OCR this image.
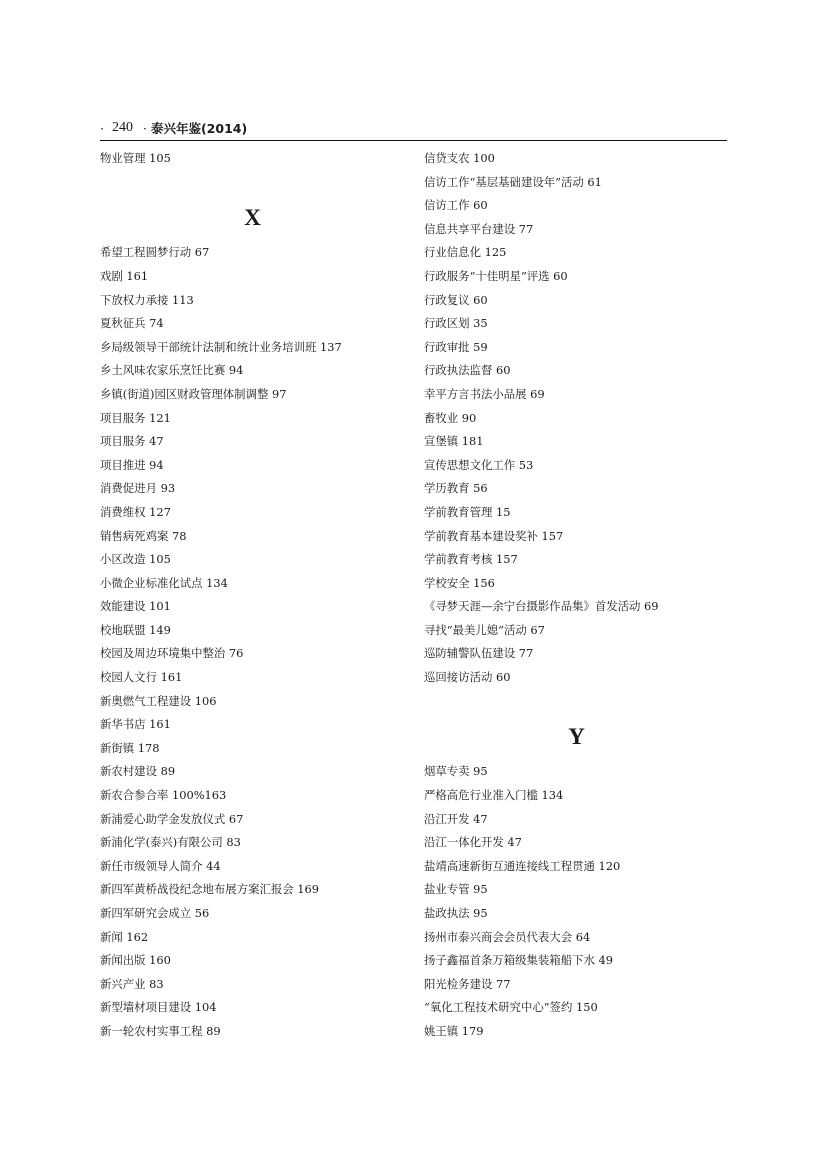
· 240 · 泰兴年鉴(2014)
物业管理 105
X
希望工程圆梦行动 67
戏剧 161
下放权力承接 113
夏秋征兵 74
乡局级领导干部统计法制和统计业务培训班 137
乡土风味农家乐烹饪比赛 94
乡镇(街道)园区财政管理体制调整 97
项目服务 121
项目服务 47
项目推进 94
消费促进月 93
消费维权 127
销售病死鸡案 78
小区改造 105
小微企业标准化试点 134
效能建设 101
校地联盟 149
校园及周边环境集中整治 76
校园人文行 161
新奥燃气工程建设 106
新华书店 161
新街镇 178
新农村建设 89
新农合参合率 100%163
新浦爱心助学金发放仪式 67
新浦化学(泰兴)有限公司 83
新任市级领导人简介 44
新四军黄桥战役纪念地布展方案汇报会 169
新四军研究会成立 56
新闻 162
新闻出版 160
新兴产业 83
新型墙材项目建设 104
新一轮农村实事工程 89
信贷支农 100
信访工作“基层基础建设年”活动 61
信访工作 60
信息共享平台建设 77
行业信息化 125
行政服务“十佳明星”评选 60
行政复议 60
行政区划 35
行政审批 59
行政执法监督 60
幸平方言书法小品展 69
畜牧业 90
宣堡镇 181
宣传思想文化工作 53
学历教育 56
学前教育管理 15
学前教育基本建设奖补 157
学前教育考核 157
学校安全 156
《寻梦天涯—余宁台摄影作品集》首发活动 69
寻找“最美儿媳”活动 67
巡防辅警队伍建设 77
巡回接访活动 60
Y
烟草专卖 95
严格高危行业准入门槛 134
沿江开发 47
沿江一体化开发 47
盐靖高速新街互通连接线工程贯通 120
盐业专管 95
盐政执法 95
扬州市泰兴商会会员代表大会 64
扬子鑫福首条万箱级集装箱船下水 49
阳光检务建设 77
“氧化工程技术研究中心”签约 150
姚王镇 179
